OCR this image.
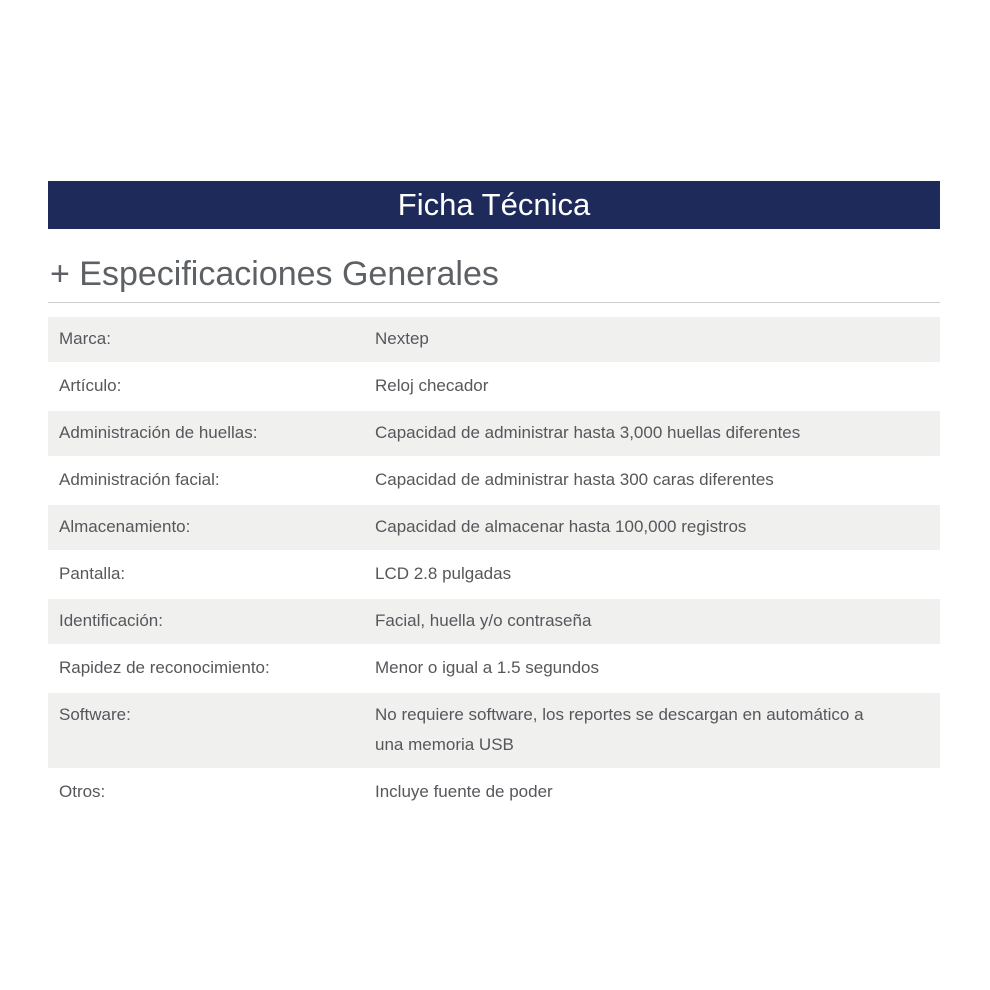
Ficha Técnica
+ Especificaciones Generales
Marca:	Nextep
Artículo:	Reloj checador
Administración de huellas:	Capacidad de administrar hasta 3,000 huellas diferentes
Administración facial:	Capacidad de administrar hasta 300 caras diferentes
Almacenamiento:	Capacidad de almacenar hasta 100,000 registros
Pantalla:	LCD 2.8 pulgadas
Identificación:	Facial, huella y/o contraseña
Rapidez de reconocimiento:	Menor o igual a 1.5 segundos
Software:	No requiere software, los reportes se descargan en automático a una memoria USB
Otros:	Incluye fuente de poder
